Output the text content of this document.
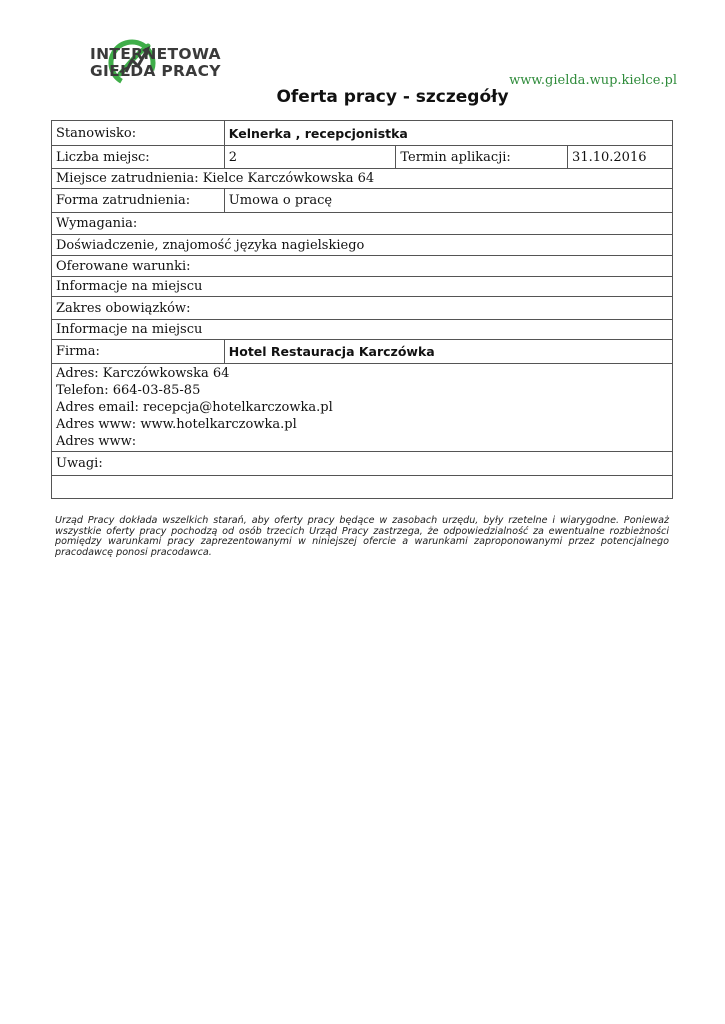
INTERNETOWA
GIEŁDA PRACY
www.gielda.wup.kielce.pl
Oferta pracy - szczegóły
Stanowisko:	Kelnerka , recepcjonistka		
Liczba miejsc:	2	Termin aplikacji:	31.10.2016
Miejsce zatrudnienia: Kielce Karczówkowska 64			
Forma zatrudnienia:	Umowa o pracę		
Wymagania:			
Doświadczenie, znajomość języka nagielskiego			
Oferowane warunki:			
Informacje na miejscu			
Zakres obowiązków:			
Informacje na miejscu			
Firma:	Hotel Restauracja Karczówka		

Adres: Karczówkowska 64
Telefon: 664-03-85-85
Adres email: recepcja@hotelkarczowka.pl
Adres www: www.hotelkarczowka.pl
Adres www:			

Uwagi:			

Urząd Pracy dokłada wszelkich starań, aby oferty pracy będące w zasobach urzędu, były rzetelne i wiarygodne. Ponieważ wszystkie oferty pracy pochodzą od osób trzecich Urząd Pracy zastrzega, że odpowiedzialność za ewentualne rozbieżności pomiędzy warunkami pracy zaprezentowanymi w niniejszej ofercie a warunkami zaproponowanymi przez potencjalnego pracodawcę ponosi pracodawca.
